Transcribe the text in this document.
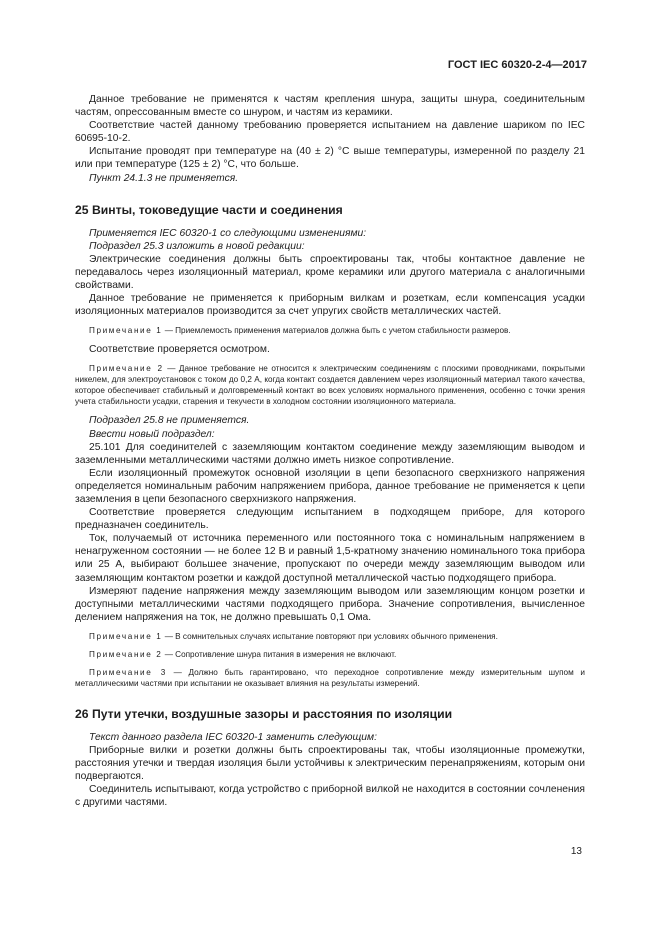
ГОСТ IEC 60320-2-4—2017

Данное требование не применятся к частям крепления шнура, защиты шнура, соединительным частям, опрессованным вместе со шнуром, и частям из керамики.

Соответствие частей данному требованию проверяется испытанием на давление шариком по IEC 60695-10-2.

Испытание проводят при температуре на (40 ± 2) °С выше температуры, измеренной по разделу 21 или при температуре (125 ± 2) °С, что больше.

Пункт 24.1.3 не применяется.

25 Винты, токоведущие части и соединения

Применяется IEC 60320-1 со следующими изменениями:

Подраздел 25.3 изложить в новой редакции:

Электрические соединения должны быть спроектированы так, чтобы контактное давление не передавалось через изоляционный материал, кроме керамики или другого материала с аналогичными свойствами.

Данное требование не применяется к приборным вилкам и розеткам, если компенсация усадки изоляционных материалов производится за счет упругих свойств металлических частей.

Примечание 1 — Приемлемость применения материалов должна быть с учетом стабильности размеров.

Соответствие проверяется осмотром.

Примечание 2 — Данное требование не относится к электрическим соединениям с плоскими проводниками, покрытыми никелем, для электроустановок с током до 0,2 А, когда контакт создается давлением через изоляционный материал такого качества, которое обеспечивает стабильный и долговременный контакт во всех условиях нормального применения, особенно с точки зрения учета стабильности усадки, старения и текучести в холодном состоянии изоляционного материала.

Подраздел 25.8 не применяется.

Ввести новый подраздел:

25.101 Для соединителей с заземляющим контактом соединение между заземляющим выводом и заземленными металлическими частями должно иметь низкое сопротивление.

Если изоляционный промежуток основной изоляции в цепи безопасного сверхнизкого напряжения определяется номинальным рабочим напряжением прибора, данное требование не применяется к цепи заземления в цепи безопасного сверхнизкого напряжения.

Соответствие проверяется следующим испытанием в подходящем приборе, для которого предназначен соединитель.

Ток, получаемый от источника переменного или постоянного тока с номинальным напряжением в ненагруженном состоянии — не более 12 В и равный 1,5-кратному значению номинального тока прибора или 25 А, выбирают большее значение, пропускают по очереди между заземляющим выводом или заземляющим контактом розетки и каждой доступной металлической частью подходящего прибора.

Измеряют падение напряжения между заземляющим выводом или заземляющим концом розетки и доступными металлическими частями подходящего прибора. Значение сопротивления, вычисленное делением напряжения на ток, не должно превышать 0,1 Ома.

Примечание 1 — В сомнительных случаях испытание повторяют при условиях обычного применения.

Примечание 2 — Сопротивление шнура питания в измерения не включают.

Примечание 3 — Должно быть гарантировано, что переходное сопротивление между измерительным шупом и металлическими частями при испытании не оказывает влияния на результаты измерений.

26 Пути утечки, воздушные зазоры и расстояния по изоляции

Текст данного раздела IEC 60320-1 заменить следующим:

Приборные вилки и розетки должны быть спроектированы так, чтобы изоляционные промежутки, расстояния утечки и твердая изоляция были устойчивы к электрическим перенапряжениям, которым они подвергаются.

Соединитель испытывают, когда устройство с приборной вилкой не находится в состоянии сочленения с другими частями.

13
